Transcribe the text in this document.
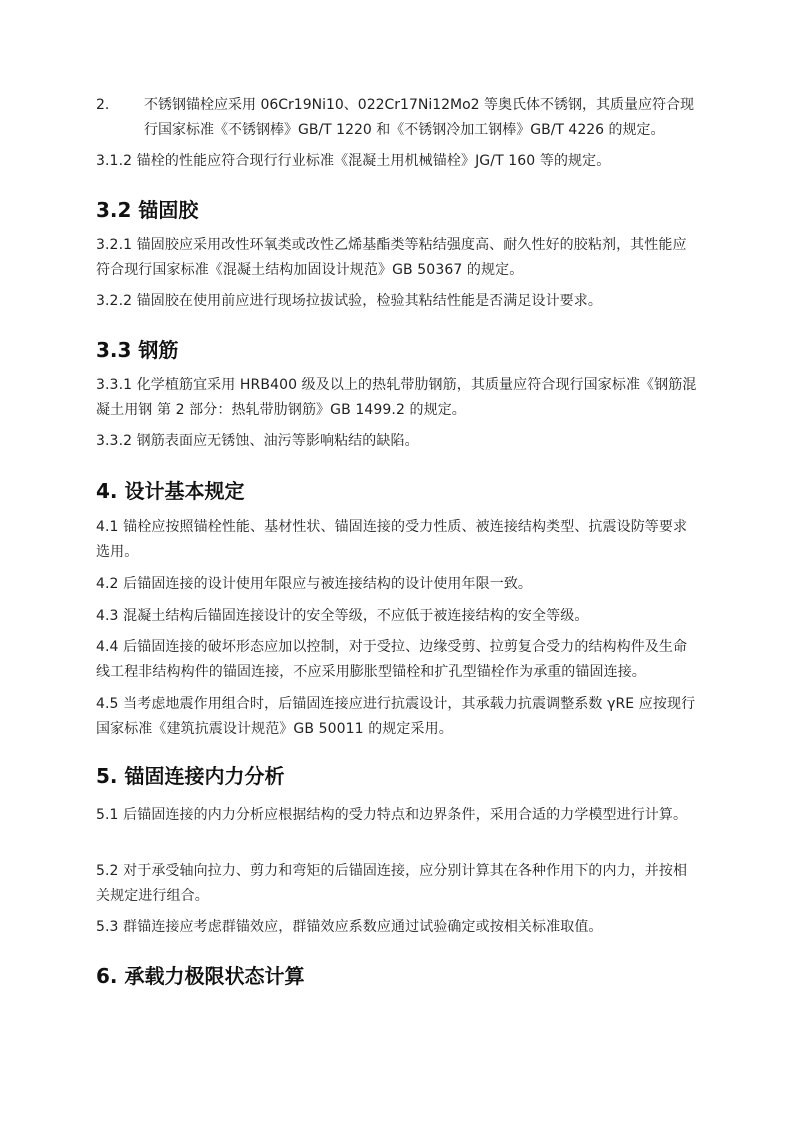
2. 不锈钢锚栓应采用 06Cr19Ni10、022Cr17Ni12Mo2 等奥氏体不锈钢，其质量应符合现行国家标准《不锈钢棒》GB/T 1220 和《不锈钢冷加工钢棒》GB/T 4226 的规定。

3.1.2 锚栓的性能应符合现行行业标准《混凝土用机械锚栓》JG/T 160 等的规定。

3.2 锚固胶

3.2.1 锚固胶应采用改性环氧类或改性乙烯基酯类等粘结强度高、耐久性好的胶粘剂，其性能应符合现行国家标准《混凝土结构加固设计规范》GB 50367 的规定。

3.2.2 锚固胶在使用前应进行现场拉拔试验，检验其粘结性能是否满足设计要求。

3.3 钢筋

3.3.1 化学植筋宜采用 HRB400 级及以上的热轧带肋钢筋，其质量应符合现行国家标准《钢筋混凝土用钢 第 2 部分：热轧带肋钢筋》GB 1499.2 的规定。

3.3.2 钢筋表面应无锈蚀、油污等影响粘结的缺陷。

4. 设计基本规定

4.1 锚栓应按照锚栓性能、基材性状、锚固连接的受力性质、被连接结构类型、抗震设防等要求选用。

4.2 后锚固连接的设计使用年限应与被连接结构的设计使用年限一致。

4.3 混凝土结构后锚固连接设计的安全等级，不应低于被连接结构的安全等级。

4.4 后锚固连接的破坏形态应加以控制，对于受拉、边缘受剪、拉剪复合受力的结构构件及生命线工程非结构构件的锚固连接，不应采用膨胀型锚栓和扩孔型锚栓作为承重的锚固连接。

4.5 当考虑地震作用组合时，后锚固连接应进行抗震设计，其承载力抗震调整系数 γRE 应按现行国家标准《建筑抗震设计规范》GB 50011 的规定采用。

5. 锚固连接内力分析

5.1 后锚固连接的内力分析应根据结构的受力特点和边界条件，采用合适的力学模型进行计算。

5.2 对于承受轴向拉力、剪力和弯矩的后锚固连接，应分别计算其在各种作用下的内力，并按相关规定进行组合。

5.3 群锚连接应考虑群锚效应，群锚效应系数应通过试验确定或按相关标准取值。

6. 承载力极限状态计算
